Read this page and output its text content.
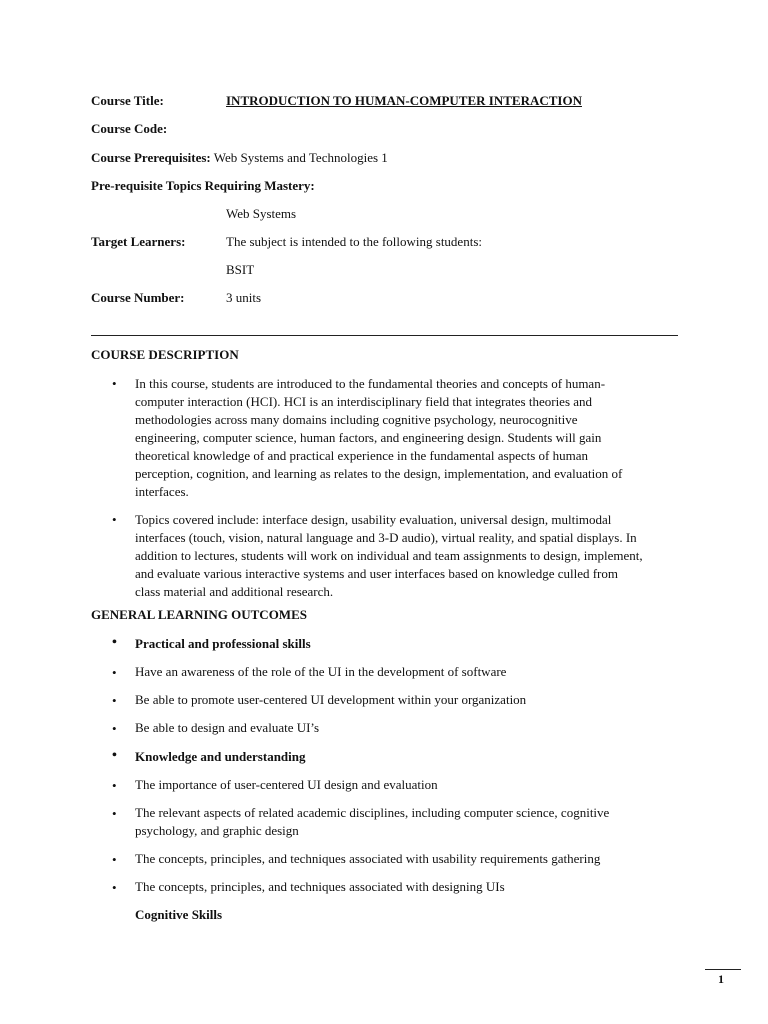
Course Title:	INTRODUCTION TO HUMAN-COMPUTER INTERACTION
Course Code:
Course Prerequisites: Web Systems and Technologies 1
Pre-requisite Topics Requiring Mastery:
Web Systems
Target Learners:	The subject is intended to the following students:
BSIT
Course Number:	3 units
COURSE DESCRIPTION
• In this course, students are introduced to the fundamental theories and concepts of human-
computer interaction (HCI). HCI is an interdisciplinary field that integrates theories and
methodologies across many domains including cognitive psychology, neurocognitive
engineering, computer science, human factors, and engineering design. Students will gain
theoretical knowledge of and practical experience in the fundamental aspects of human
perception, cognition, and learning as relates to the design, implementation, and evaluation of
interfaces.
• Topics covered include: interface design, usability evaluation, universal design, multimodal
interfaces (touch, vision, natural language and 3-D audio), virtual reality, and spatial displays. In
addition to lectures, students will work on individual and team assignments to design, implement,
and evaluate various interactive systems and user interfaces based on knowledge culled from
class material and additional research.
GENERAL LEARNING OUTCOMES
• Practical and professional skills
• Have an awareness of the role of the UI in the development of software
• Be able to promote user-centered UI development within your organization
• Be able to design and evaluate UI’s
• Knowledge and understanding
• The importance of user-centered UI design and evaluation
• The relevant aspects of related academic disciplines, including computer science, cognitive
psychology, and graphic design
• The concepts, principles, and techniques associated with usability requirements gathering
• The concepts, principles, and techniques associated with designing UIs
Cognitive Skills
1
